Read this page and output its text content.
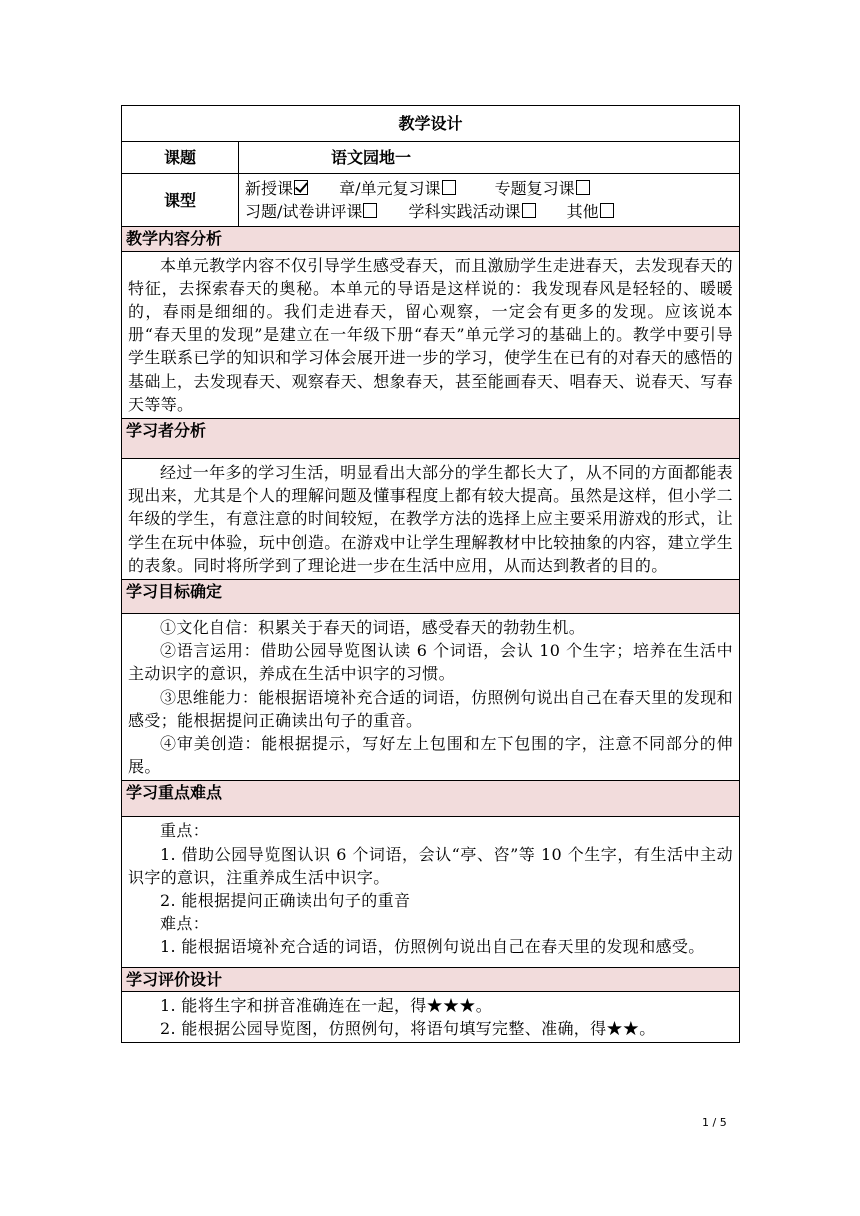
教学设计	
课题	语文园地一
课型	新授课 章/单元复习课 专题复习课
习题/试卷讲评课 学科实践活动课 其他

教学内容分析	

本单元教学内容不仅引导学生感受春天，而且激励学生走进春天，去发现春天的特征，去探索春天的奥秘。本单元的导语是这样说的：我发现春风是轻轻的、暖暖的，春雨是细细的。我们走进春天，留心观察，一定会有更多的发现。应该说本册“春天里的发现”是建立在一年级下册“春天”单元学习的基础上的。教学中要引导学生联系已学的知识和学习体会展开进一步的学习，使学生在已有的对春天的感悟的基础上，去发现春天、观察春天、想象春天，甚至能画春天、唱春天、说春天、写春天等等。	

学习者分析	

经过一年多的学习生活，明显看出大部分的学生都长大了，从不同的方面都能表现出来，尤其是个人的理解问题及懂事程度上都有较大提高。虽然是这样，但小学二年级的学生，有意注意的时间较短，在教学方法的选择上应主要采用游戏的形式，让学生在玩中体验，玩中创造。在游戏中让学生理解教材中比较抽象的内容，建立学生的表象。同时将所学到了理论进一步在生活中应用，从而达到教者的目的。	

学习目标确定	

①文化自信：积累关于春天的词语，感受春天的勃勃生机。

②语言运用：借助公园导览图认读 6 个词语，会认 10 个生字；培养在生活中主动识字的意识，养成在生活中识字的习惯。

③思维能力：能根据语境补充合适的词语，仿照例句说出自己在春天里的发现和感受；能根据提问正确读出句子的重音。

④审美创造：能根据提示，写好左上包围和左下包围的字，注意不同部分的伸展。	

学习重点难点	

重点：

1. 借助公园导览图认识 6 个词语，会认“亭、咨”等 10 个生字，有生活中主动识字的意识，注重养成生活中识字。

2. 能根据提问正确读出句子的重音

难点：

1. 能根据语境补充合适的词语，仿照例句说出自己在春天里的发现和感受。	

学习评价设计	

1. 能将生字和拼音准确连在一起，得★★★。

2. 能根据公园导览图，仿照例句，将语句填写完整、准确，得★★。	

1 / 5
